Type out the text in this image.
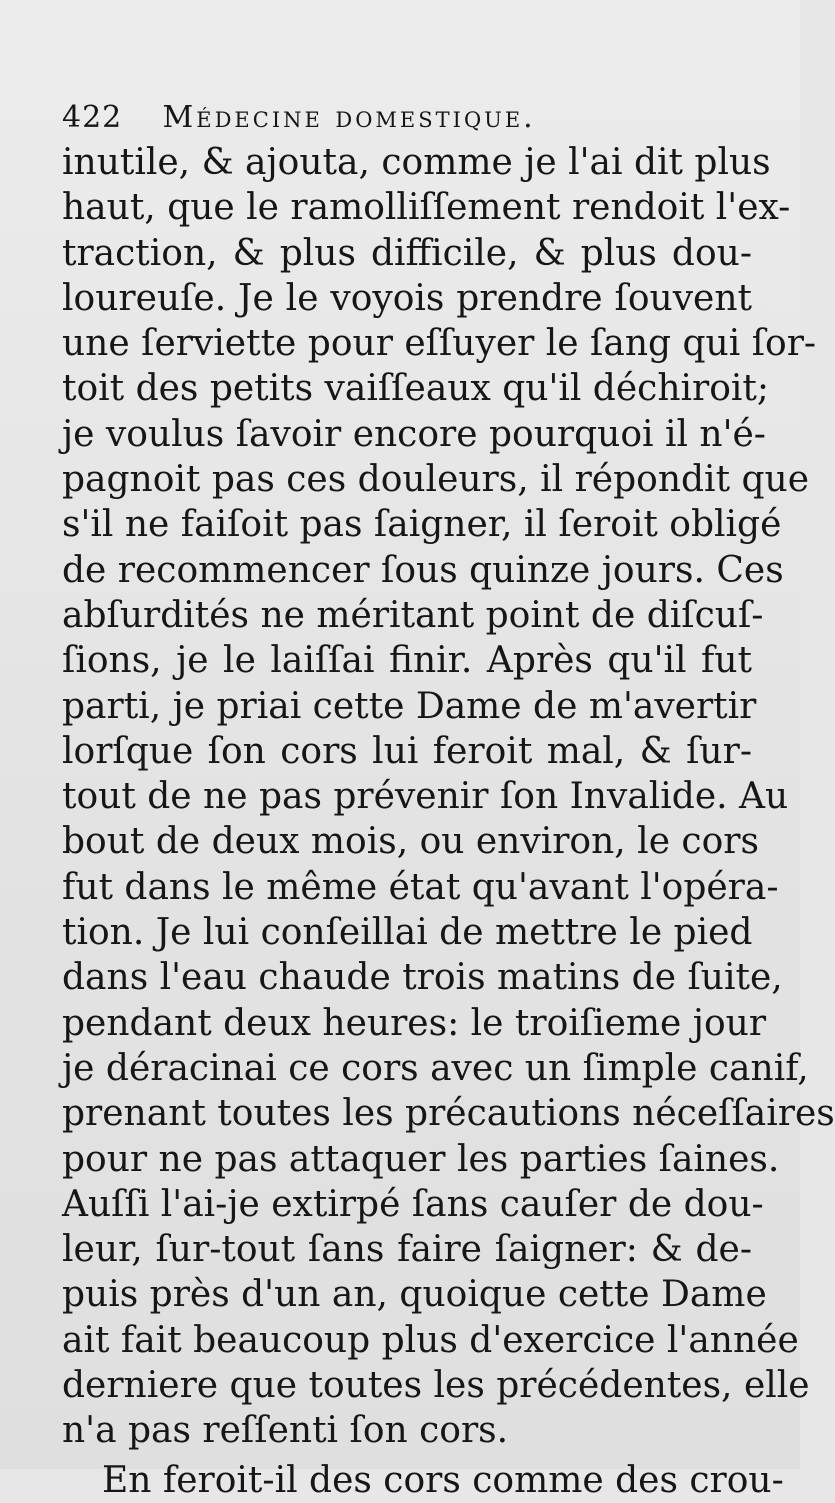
422 Médecine domestique.
inutile, & ajouta, comme je l'ai dit plus
haut, que le ramolliſſement rendoit l'ex-
traction, & plus difficile, & plus dou-
loureuſe. Je le voyois prendre ſouvent
une ſerviette pour eſſuyer le ſang qui ſor-
toit des petits vaiſſeaux qu'il déchiroit;
je voulus ſavoir encore pourquoi il n'é-
pagnoit pas ces douleurs, il répondit que
s'il ne faiſoit pas ſaigner, il ſeroit obligé
de recommencer ſous quinze jours. Ces
abſurdités ne méritant point de diſcuſ-
ſions, je le laiſſai finir. Après qu'il fut
parti, je priai cette Dame de m'avertir
lorſque ſon cors lui feroit mal, & ſur-
tout de ne pas prévenir ſon Invalide. Au
bout de deux mois, ou environ, le cors
fut dans le même état qu'avant l'opéra-
tion. Je lui conſeillai de mettre le pied
dans l'eau chaude trois matins de ſuite,
pendant deux heures: le troiſieme jour
je déracinai ce cors avec un ſimple canif,
prenant toutes les précautions néceſſaires
pour ne pas attaquer les parties ſaines.
Auſſi l'ai-je extirpé ſans cauſer de dou-
leur, ſur-tout ſans faire ſaigner: & de-
puis près d'un an, quoique cette Dame
ait fait beaucoup plus d'exercice l'année
derniere que toutes les précédentes, elle
n'a pas reſſenti ſon cors.
En feroit-il des cors comme des crou-
